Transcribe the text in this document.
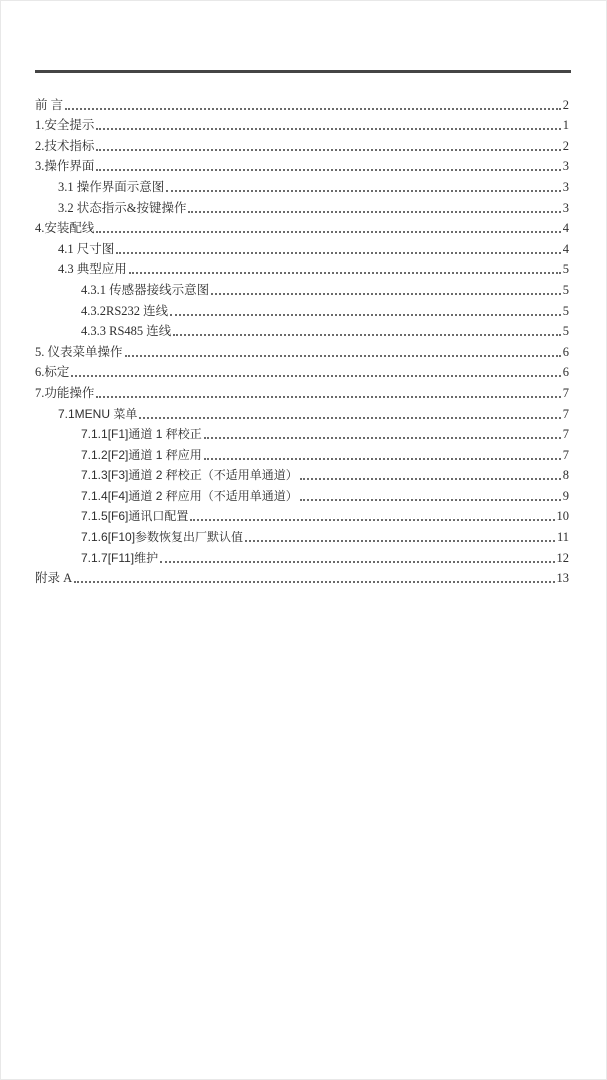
前 言	2
1.安全提示	1
2.技术指标	2
3.操作界面	3
3.1 操作界面示意图	3
3.2 状态指示&按键操作	3
4.安装配线	4
4.1 尺寸图	4
4.3 典型应用	5
4.3.1 传感器接线示意图	5
4.3.2RS232 连线	5
4.3.3 RS485 连线	5
5. 仪表菜单操作	6
6.标定	6
7.功能操作	7
7.1MENU 菜单	7
7.1.1[F1]通道 1 秤校正	7
7.1.2[F2]通道 1 秤应用	7
7.1.3[F3]通道 2 秤校正（不适用单通道）	8
7.1.4[F4]通道 2 秤应用（不适用单通道）	9
7.1.5[F6]通讯口配置	10
7.1.6[F10]参数恢复出厂默认值	11
7.1.7[F11]维护	12
附录 A	13
